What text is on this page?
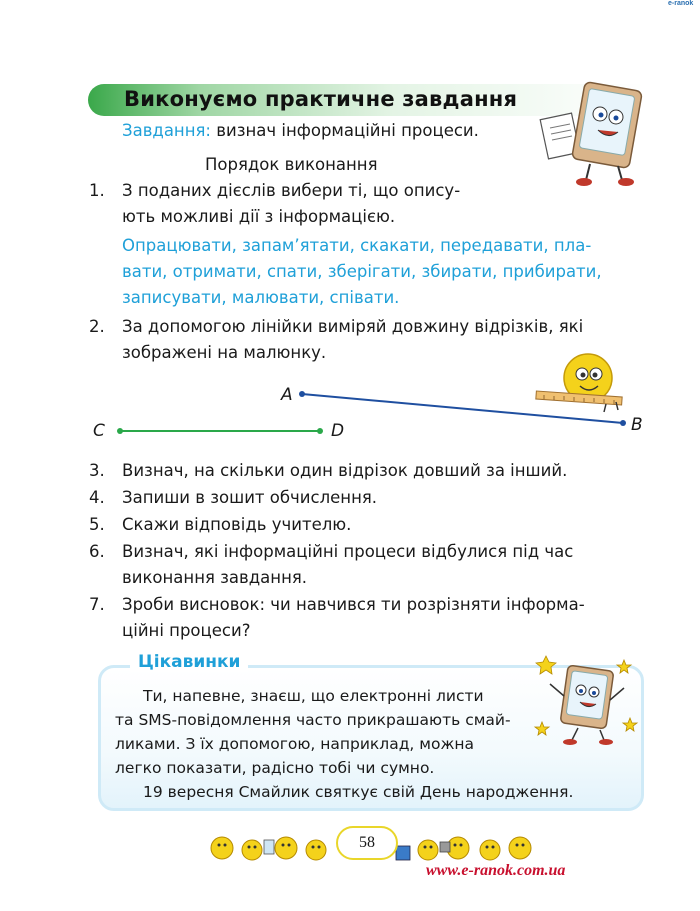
e-ranok
Виконуємо практичне завдання
Завдання: визнач інформаційні процеси.
Порядок виконання
1.	З поданих дієслів вибери ті, що опису-
ють можливі дії з інформацією.
Опрацювати, запам’ятати, скакати, передавати, пла-
вати, отримати, спати, зберігати, збирати, прибирати,
записувати, малювати, співати.
2.	За допомогою лінійки виміряй довжину відрізків, які
зображені на малюнку.
A
B
C	D
3.	Визнач, на скільки один відрізок довший за інший.
4.	Запиши в зошит обчислення.
5.	Скажи відповідь учителю.
6.	Визнач, які інформаційні процеси відбулися під час
виконання завдання.
7.	Зроби висновок: чи навчився ти розрізняти інформа-
ційні процеси?
Цікавинки
Ти, напевне, знаєш, що електронні листи
та SMS-повідомлення часто прикрашають смай-
ликами. З їх допомогою, наприклад, можна
легко показати, радісно тобі чи сумно.
19 вересня Смайлик святкує свій День народження.
58
www.e-ranok.com.ua
